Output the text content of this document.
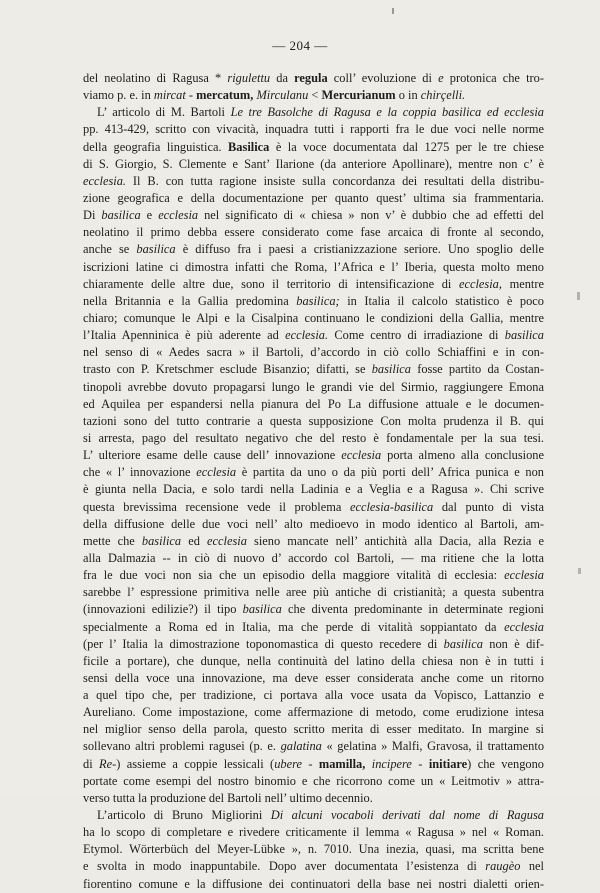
— 204 —
del neolatino di Ragusa * rigulettu da regula coll’ evoluzione di e protonica che tro-
viamo p. e. in mircat - mercatum, Mirculanu < Mercurianum o in chirçelli.
L’ articolo di M. Bartoli Le tre Basolche di Ragusa e la coppia basilica ed ecclesia
pp. 413-429, scritto con vivacità, inquadra tutti i rapporti fra le due voci nelle norme
della geografia linguistica. Basilica è la voce documentata dal 1275 per le tre chiese
di S. Giorgio, S. Clemente e Sant’ Ilarione (da anteriore Apollinare), mentre non c’ è
ecclesia. Il B. con tutta ragione insiste sulla concordanza dei resultati della distribu-
zione geografica e della documentazione per quanto quest’ ultima sia frammentaria.
Di basilica e ecclesia nel significato di « chiesa » non v’ è dubbio che ad effetti del
neolatino il primo debba essere considerato come fase arcaica di fronte al secondo,
anche se basilica è diffuso fra i paesi a cristianizzazione seriore. Uno spoglio delle
iscrizioni latine ci dimostra infatti che Roma, l’Africa e l’ Iberia, questa molto meno
chiaramente delle altre due, sono il territorio di intensificazione di ecclesia, mentre
nella Britannia e la Gallia predomina basilica; in Italia il calcolo statistico è poco
chiaro; comunque le Alpi e la Cisalpina continuano le condizioni della Gallia, mentre
l’Italia Apenninica è più aderente ad ecclesia. Come centro di irradiazione di basilica
nel senso di « Aedes sacra » il Bartoli, d’accordo in ciò collo Schiaffini e in con-
trasto con P. Kretschmer esclude Bisanzio; difatti, se basilica fosse partito da Costan-
tinopoli avrebbe dovuto propagarsi lungo le grandi vie del Sirmio, raggiungere Emona
ed Aquilea per espandersi nella pianura del Po La diffusione attuale e le documen-
tazioni sono del tutto contrarie a questa supposizione Con molta prudenza il B. qui
si arresta, pago del resultato negativo che del resto è fondamentale per la sua tesi.
L’ ulteriore esame delle cause dell’ innovazione ecclesia porta almeno alla conclusione
che « l’ innovazione ecclesia è partita da uno o da più porti dell’ Africa punica e non
è giunta nella Dacia, e solo tardi nella Ladinia e a Veglia e a Ragusa ». Chi scrive
questa brevissima recensione vede il problema ecclesia-basilica dal punto di vista
della diffusione delle due voci nell’ alto medioevo in modo identico al Bartoli, am-
mette che basilica ed ecclesia sieno mancate nell’ antichità alla Dacia, alla Rezia e
alla Dalmazia -- in ciò di nuovo d’ accordo col Bartoli, — ma ritiene che la lotta
fra le due voci non sia che un episodio della maggiore vitalità di ecclesia: ecclesia
sarebbe l’ espressione primitiva nelle aree più antiche di cristianità; a questa subentra
(innovazioni edilizie?) il tipo basilica che diventa predominante in determinate regioni
specialmente a Roma ed in Italia, ma che perde di vitalità soppiantato da ecclesia
(per l’ Italia la dimostrazione toponomastica di questo recedere di basilica non è dif-
ficile a portare), che dunque, nella continuità del latino della chiesa non è in tutti i
sensi della voce una innovazione, ma deve esser considerata anche come un ritorno
a quel tipo che, per tradizione, ci portava alla voce usata da Vopisco, Lattanzio e
Aureliano. Come impostazione, come affermazione di metodo, come erudizione intesa
nel miglior senso della parola, questo scritto merita di esser meditato. In margine si
sollevano altri problemi ragusei (p. e. galatina « gelatina » Malfi, Gravosa, il trattamento
di Re-) assieme a coppie lessicali (ubere - mamilla, incipere - initiare) che vengono
portate come esempi del nostro binomio e che ricorrono come un « Leitmotiv » attra-
verso tutta la produzione del Bartoli nell’ ultimo decennio.
L’articolo di Bruno Migliorini Di alcuni vocaboli derivati dal nome di Ragusa
ha lo scopo di completare e rivedere criticamente il lemma « Ragusa » nel « Roman.
Etymol. Wörterbüch del Meyer-Lübke », n. 7010. Una inezia, quasi, ma scritta bene
e svolta in modo inappuntabile. Dopo aver documentata l’esistenza di raugèo nel
fiorentino comune e la diffusione dei continuatori della base nei nostri dialetti orien-
